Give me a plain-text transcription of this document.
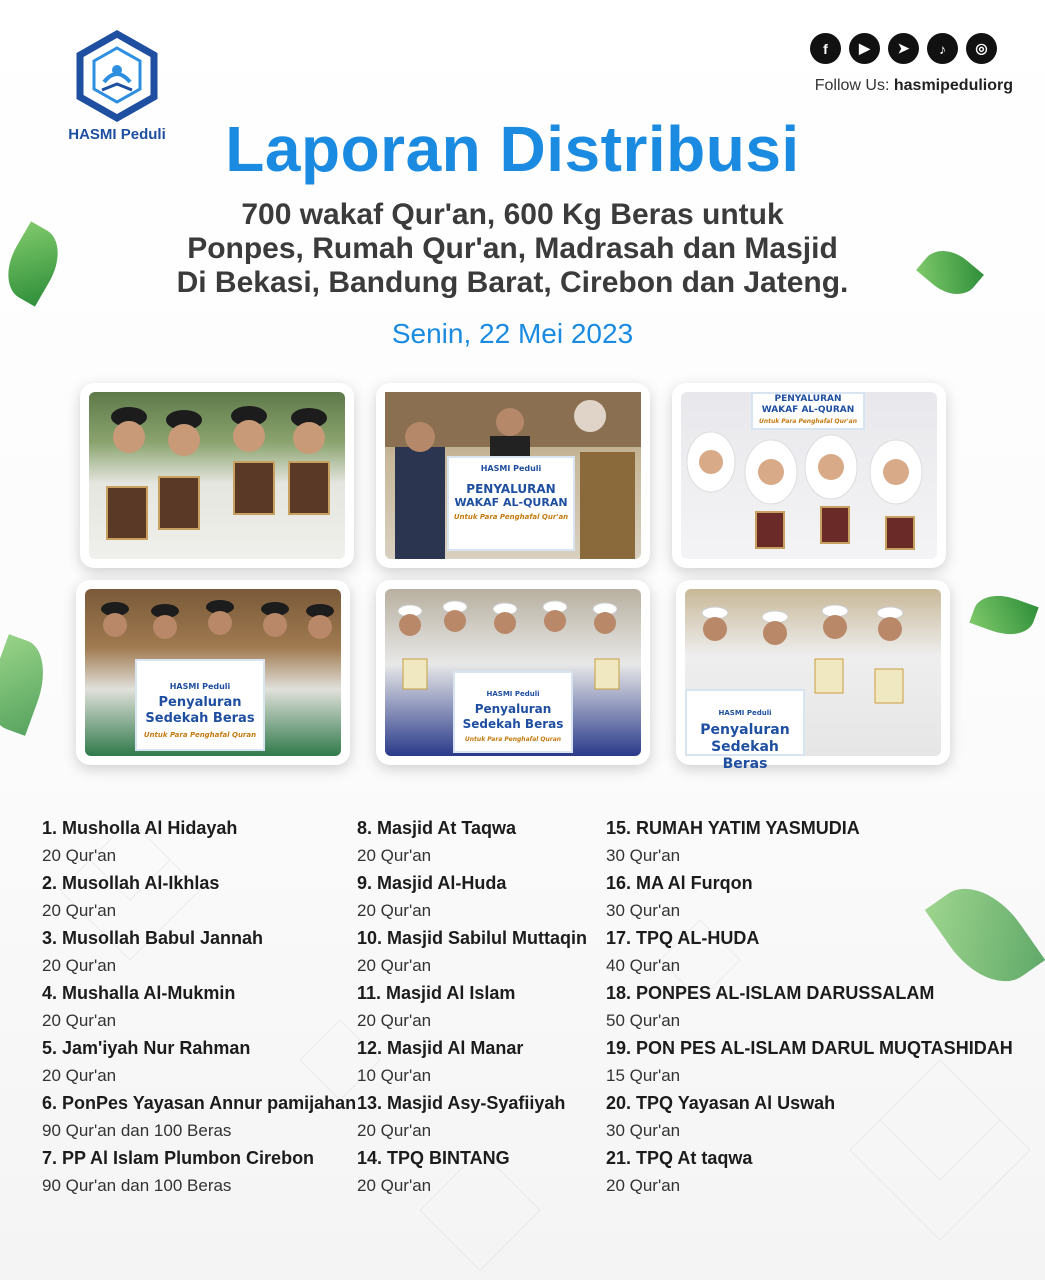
HASMI Peduli
f	▶	➤	♪	◎
Follow Us: hasmipeduliorg
Laporan Distribusi
700 wakaf Qur'an, 600 Kg Beras untuk
Ponpes, Rumah Qur'an, Madrasah dan Masjid
Di Bekasi, Bandung Barat, Cirebon dan Jateng.
Senin, 22 Mei 2023
HASMI Peduli
PENYALURAN
WAKAF AL-QURAN
Untuk Para Penghafal Qur'an
PENYALURAN
WAKAF AL-QURAN
Untuk Para Penghafal Qur'an
HASMI Peduli
Penyaluran
Sedekah Beras
Untuk Para Penghafal Quran
HASMI Peduli
Penyaluran
Sedekah Beras
Untuk Para Penghafal Quran
HASMI Peduli
Penyaluran
Sedekah Beras
1. Musholla Al Hidayah
20 Qur'an
2. Musollah Al-Ikhlas
20 Qur'an
3. Musollah Babul Jannah
20 Qur'an
4. Mushalla Al-Mukmin
20 Qur'an
5. Jam'iyah Nur Rahman
20 Qur'an
6. PonPes Yayasan Annur pamijahan
90 Qur'an dan 100 Beras
7. PP Al Islam Plumbon Cirebon
90 Qur'an dan 100 Beras
8. Masjid At Taqwa
20 Qur'an
9. Masjid Al-Huda
20 Qur'an
10. Masjid Sabilul Muttaqin
20 Qur'an
11. Masjid Al Islam
20 Qur'an
12. Masjid Al Manar
10 Qur'an
13. Masjid Asy-Syafiiyah
20 Qur'an
14. TPQ BINTANG
20 Qur'an
15. RUMAH YATIM YASMUDIA
30 Qur'an
16. MA Al Furqon
30 Qur'an
17. TPQ AL-HUDA
40 Qur'an
18. PONPES AL-ISLAM DARUSSALAM
50 Qur'an
19. PON PES AL-ISLAM DARUL MUQTASHIDAH
15 Qur'an
20. TPQ Yayasan Al Uswah
30 Qur'an
21. TPQ At taqwa
20 Qur'an
